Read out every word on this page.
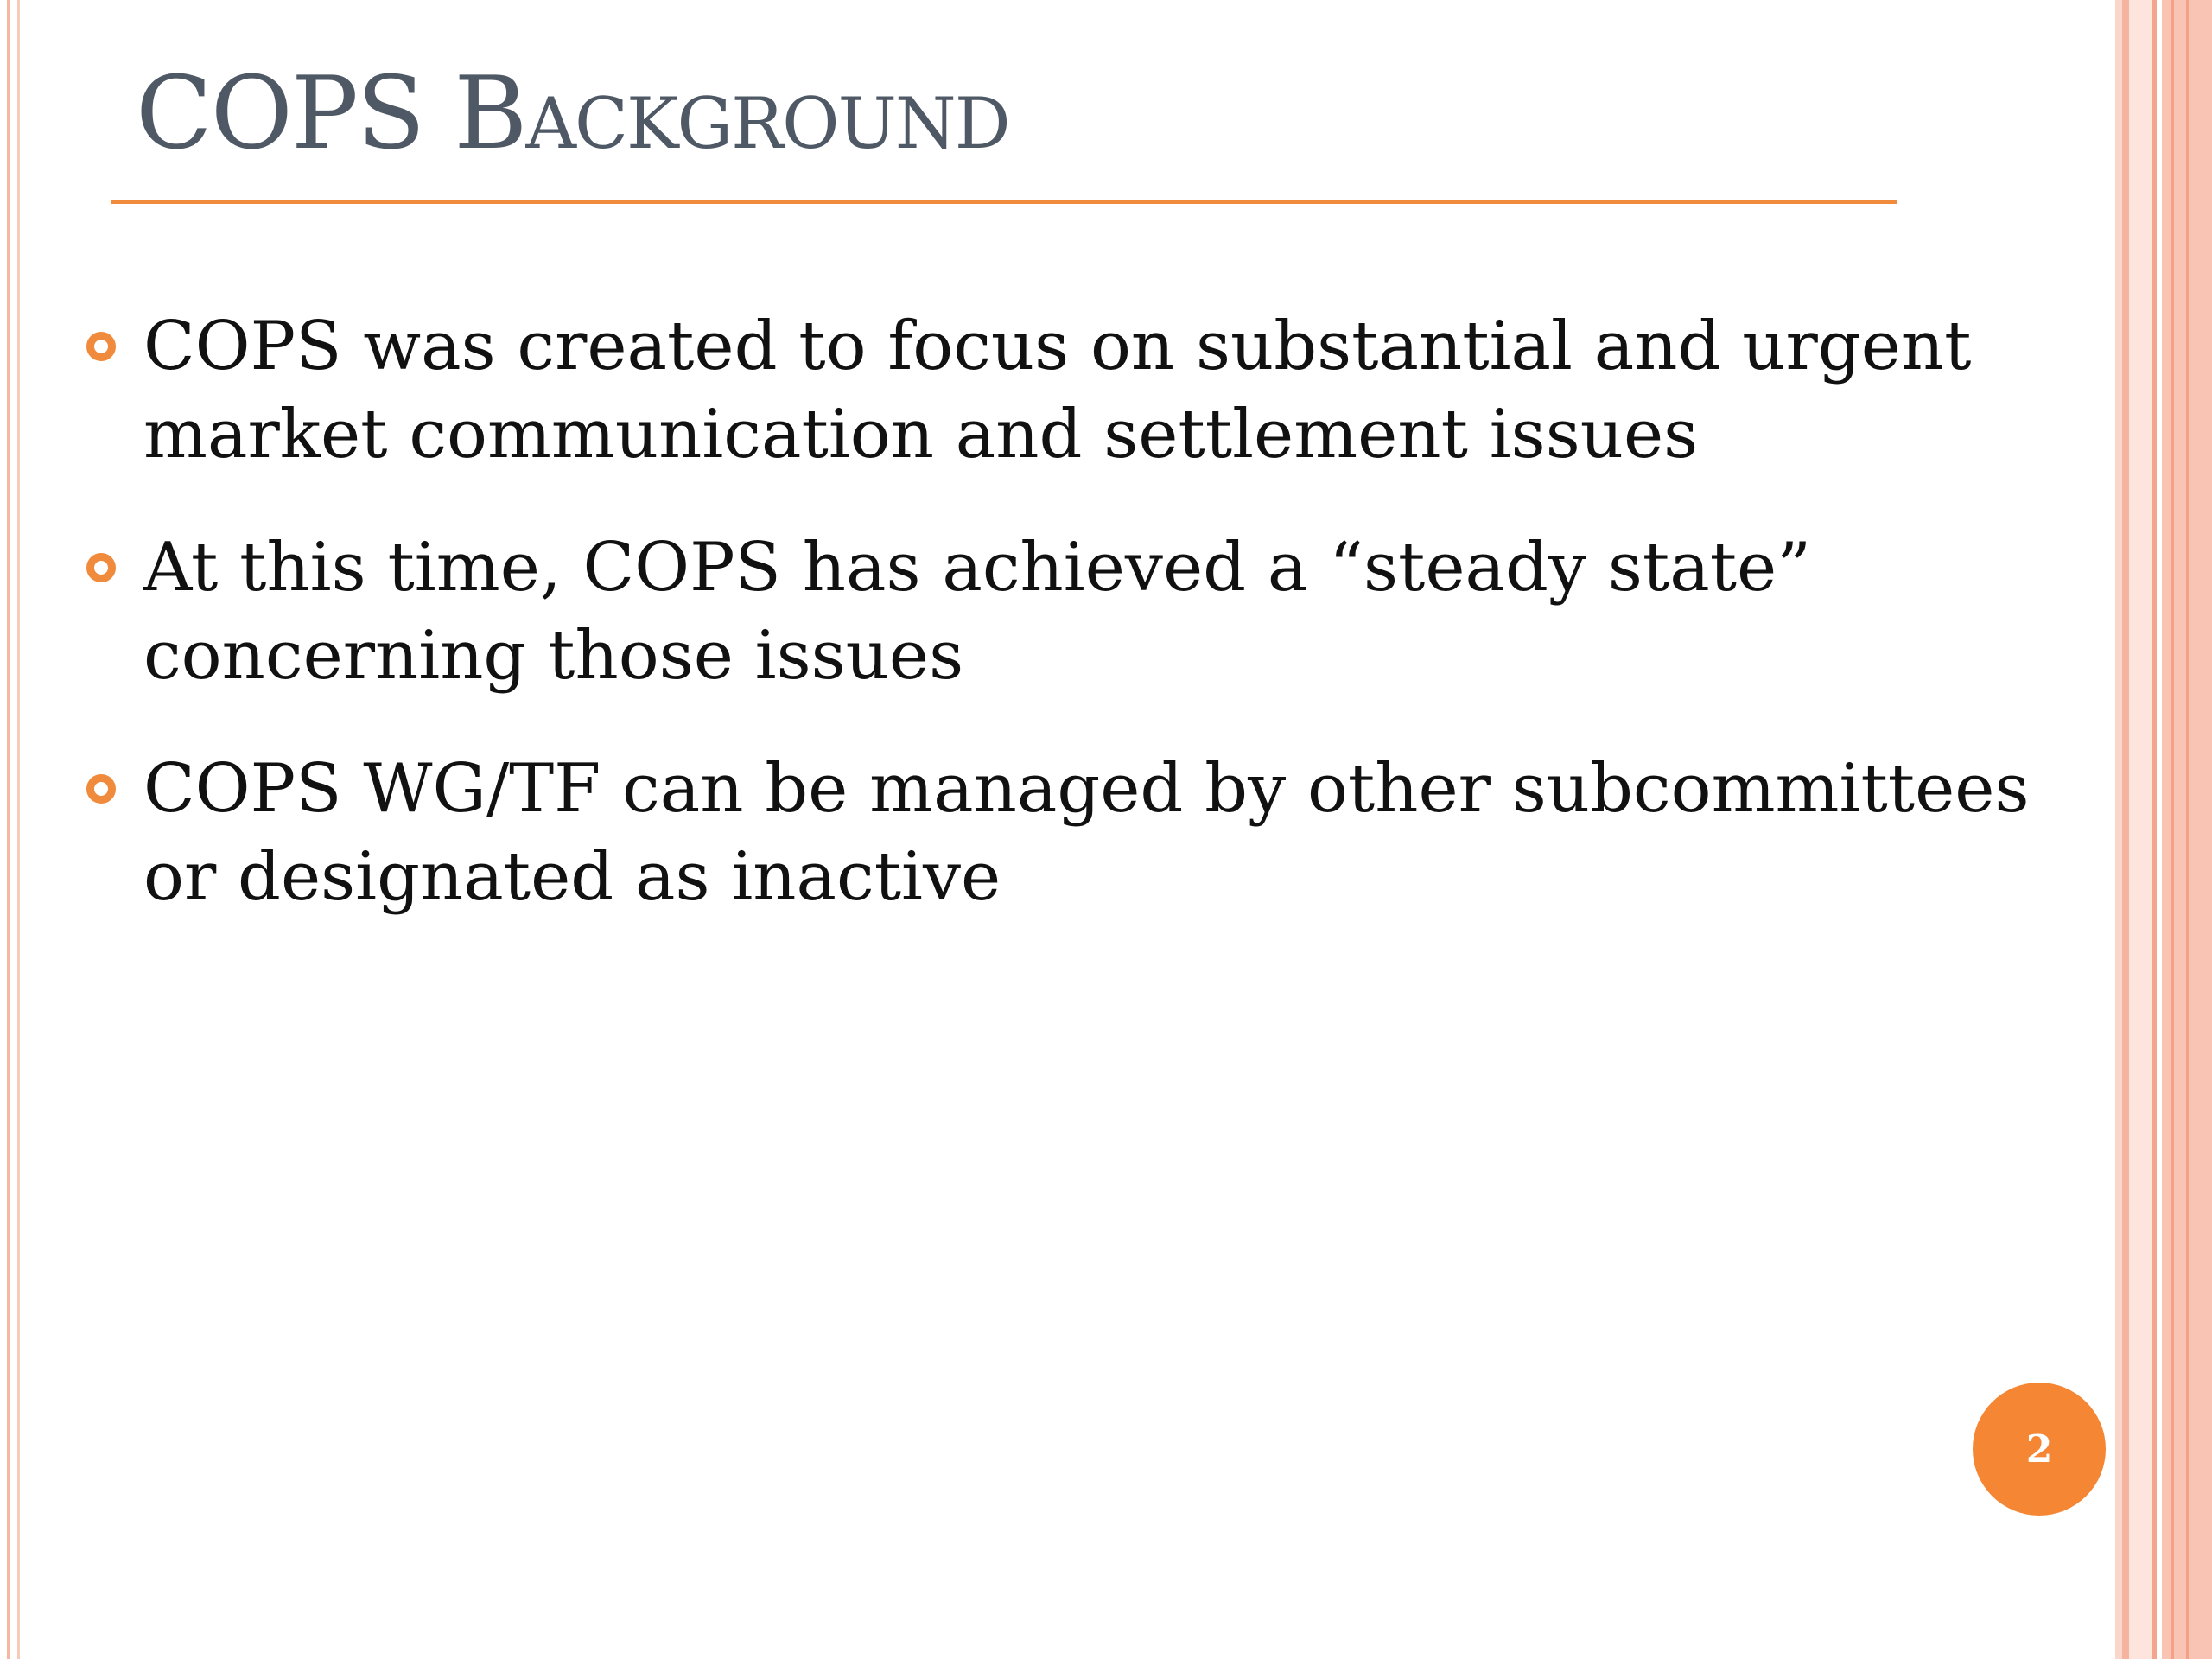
COPS Background
COPS was created to focus on substantial and urgent market communication and settlement issues
At this time, COPS has achieved a “steady state” concerning those issues
COPS WG/TF can be managed by other subcommittees or designated as inactive
2
